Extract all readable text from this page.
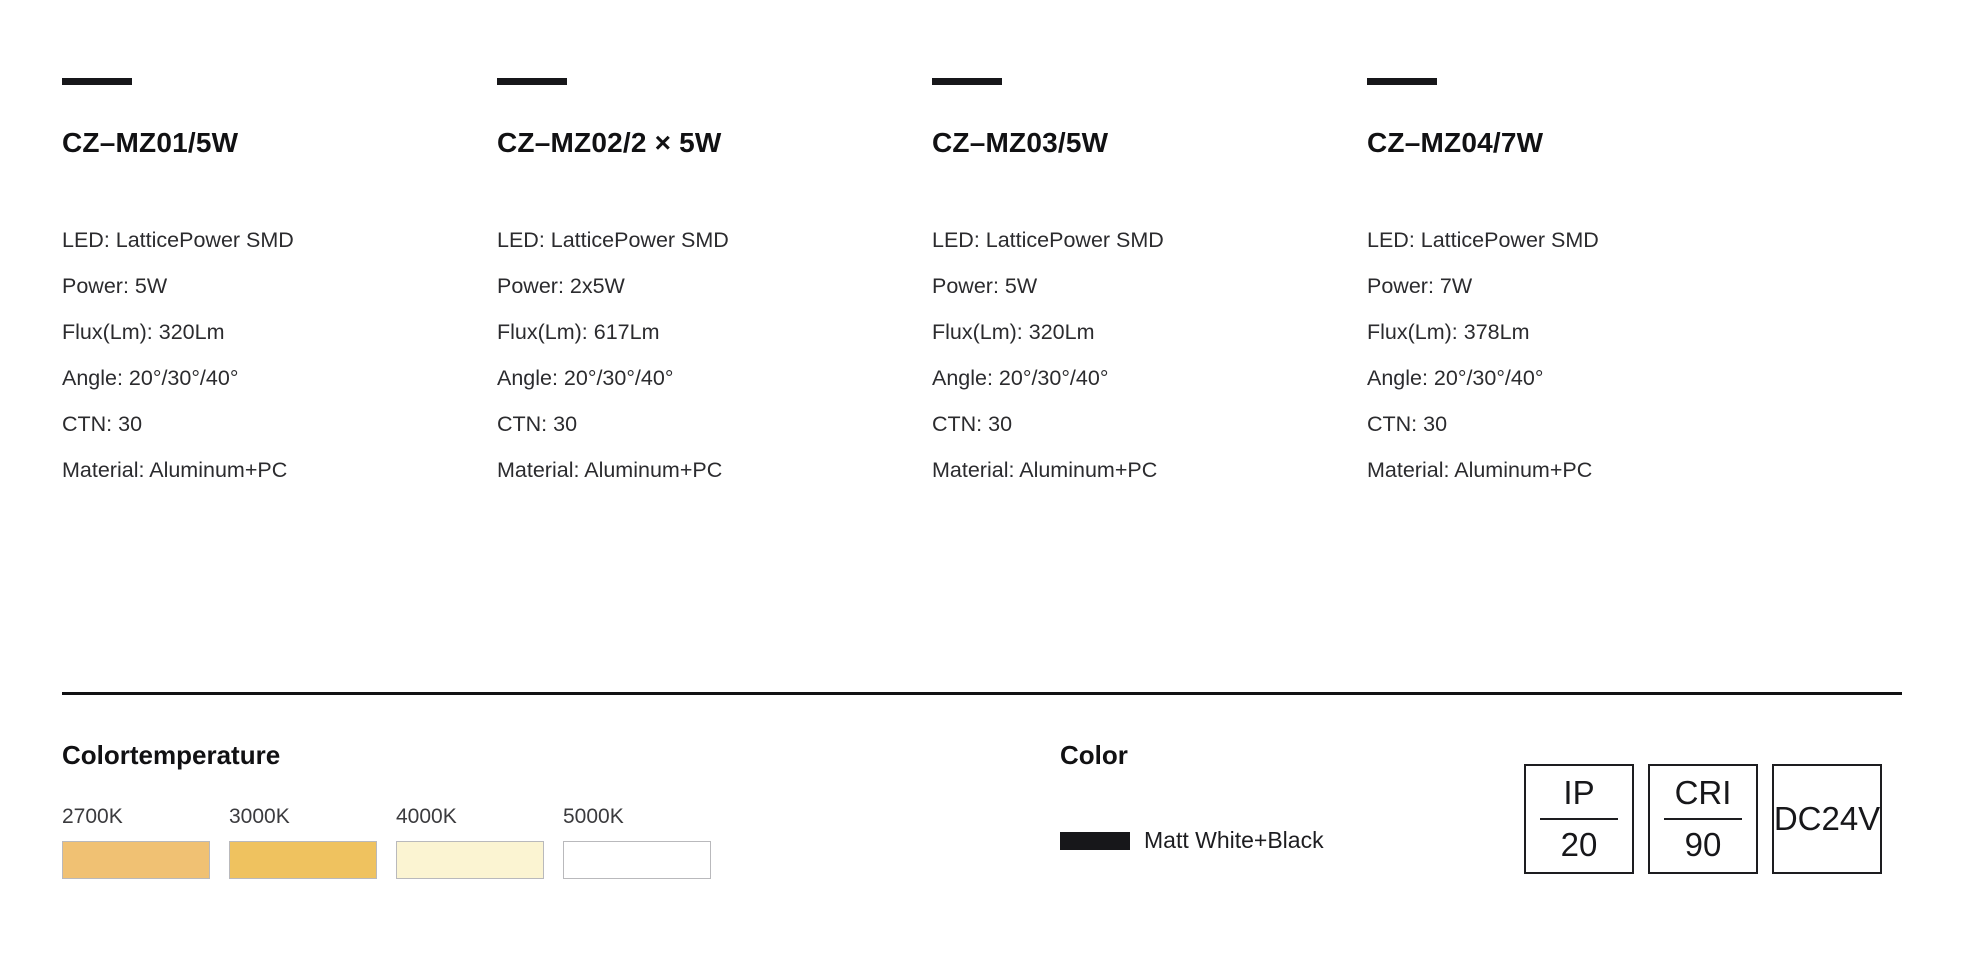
CZ–MZ01/5W
LED: LatticePower SMD
Power: 5W
Flux(Lm): 320Lm
Angle: 20°/30°/40°
CTN: 30
Material: Aluminum+PC
CZ–MZ02/2 × 5W
LED: LatticePower SMD
Power: 2x5W
Flux(Lm): 617Lm
Angle: 20°/30°/40°
CTN: 30
Material: Aluminum+PC
CZ–MZ03/5W
LED: LatticePower SMD
Power: 5W
Flux(Lm): 320Lm
Angle: 20°/30°/40°
CTN: 30
Material: Aluminum+PC
CZ–MZ04/7W
LED: LatticePower SMD
Power: 7W
Flux(Lm): 378Lm
Angle: 20°/30°/40°
CTN: 30
Material: Aluminum+PC
Colortemperature
2700K	3000K	4000K	5000K
Color
Matt White+Black
IP
20
CRI
90
DC24V
